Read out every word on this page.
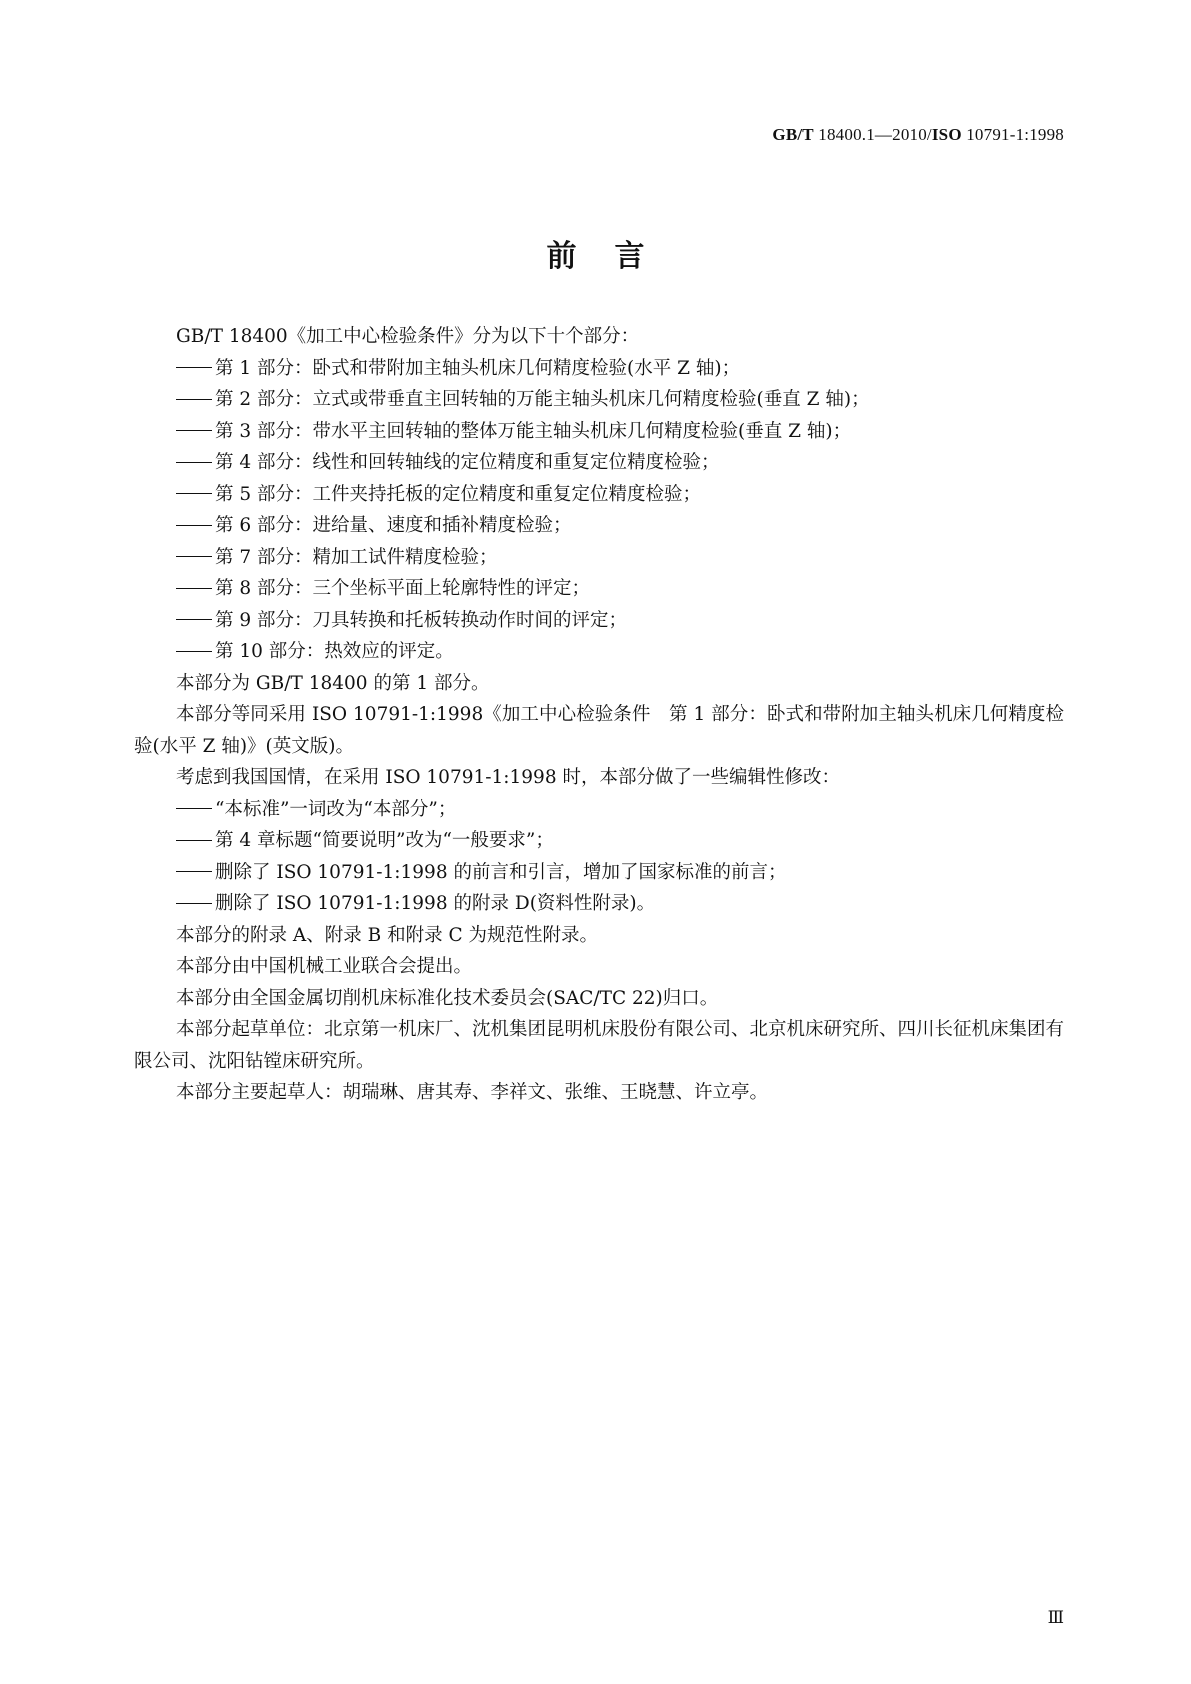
GB/T 18400.1—2010/ISO 10791-1:1998
前言

GB/T 18400《加工中心检验条件》分为以下十个部分：

第 1 部分：卧式和带附加主轴头机床几何精度检验(水平 Z 轴)；
第 2 部分：立式或带垂直主回转轴的万能主轴头机床几何精度检验(垂直 Z 轴)；
第 3 部分：带水平主回转轴的整体万能主轴头机床几何精度检验(垂直 Z 轴)；
第 4 部分：线性和回转轴线的定位精度和重复定位精度检验；
第 5 部分：工件夹持托板的定位精度和重复定位精度检验；
第 6 部分：进给量、速度和插补精度检验；
第 7 部分：精加工试件精度检验；
第 8 部分：三个坐标平面上轮廓特性的评定；
第 9 部分：刀具转换和托板转换动作时间的评定；
第 10 部分：热效应的评定。

本部分为 GB/T 18400 的第 1 部分。

本部分等同采用 ISO 10791-1:1998《加工中心检验条件　第 1 部分：卧式和带附加主轴头机床几何精度检验(水平 Z 轴)》(英文版)。

考虑到我国国情，在采用 ISO 10791-1:1998 时，本部分做了一些编辑性修改：

“本标准”一词改为“本部分”；
第 4 章标题“简要说明”改为“一般要求”；
删除了 ISO 10791-1:1998 的前言和引言，增加了国家标准的前言；
删除了 ISO 10791-1:1998 的附录 D(资料性附录)。

本部分的附录 A、附录 B 和附录 C 为规范性附录。

本部分由中国机械工业联合会提出。

本部分由全国金属切削机床标准化技术委员会(SAC/TC 22)归口。

本部分起草单位：北京第一机床厂、沈机集团昆明机床股份有限公司、北京机床研究所、四川长征机床集团有限公司、沈阳钻镗床研究所。

本部分主要起草人：胡瑞琳、唐其寿、李祥文、张维、王晓慧、许立亭。

Ⅲ
